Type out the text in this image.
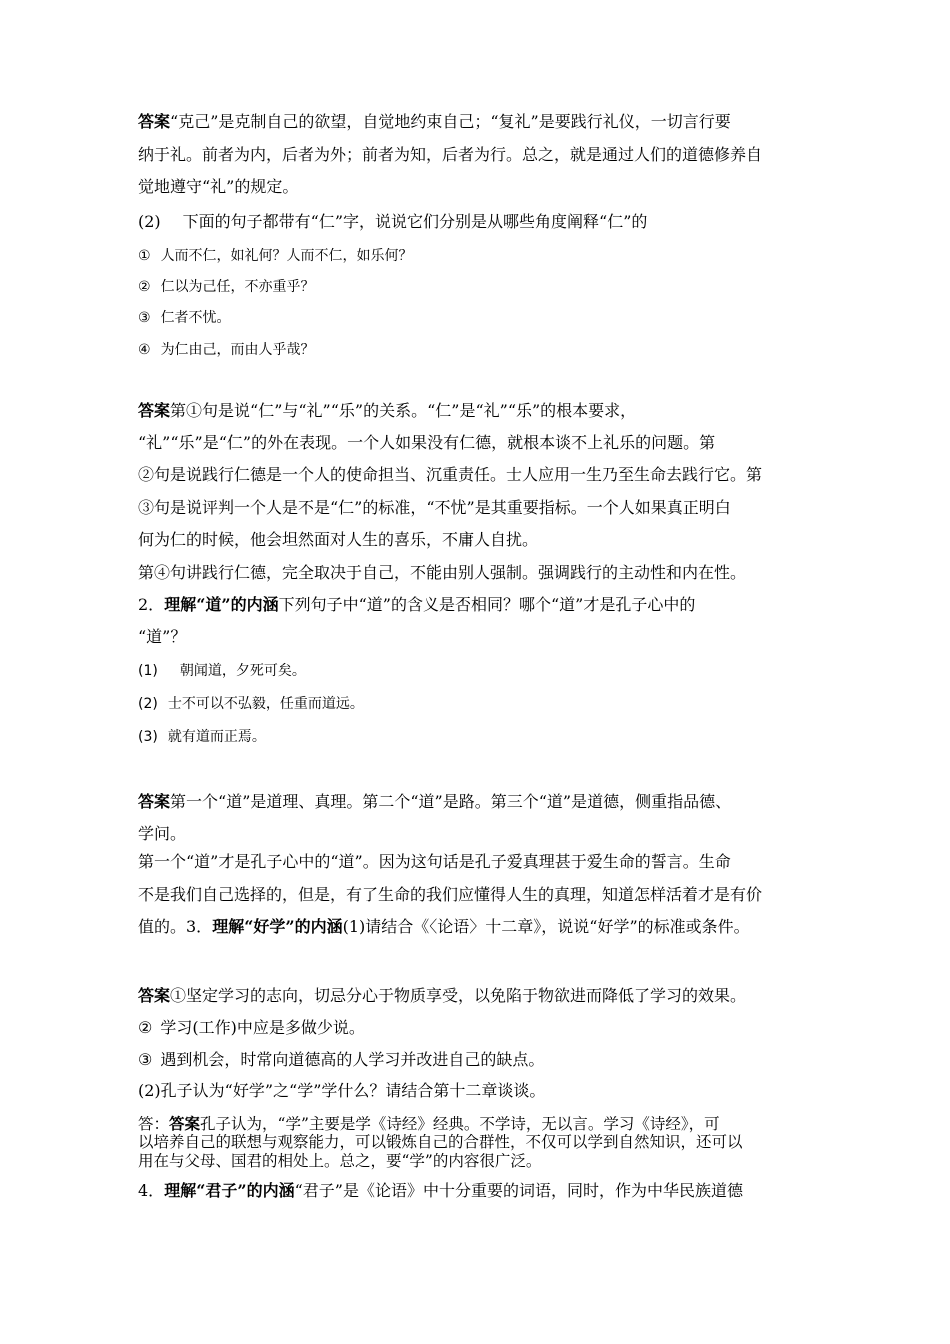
答案“克己”是克制自己的欲望，自觉地约束自己；“复礼”是要践行礼仪，一切言行要
纳于礼。前者为内，后者为外；前者为知，后者为行。总之，就是通过人们的道德修养自
觉地遵守“礼”的规定。
(2) 下面的句子都带有“仁”字，说说它们分别是从哪些角度阐释“仁”的
① 人而不仁，如礼何？人而不仁，如乐何？
② 仁以为己任，不亦重乎？
③ 仁者不忧。
④ 为仁由己，而由人乎哉？
答案第①句是说“仁”与“礼”“乐”的关系。“仁”是“礼”“乐”的根本要求，
“礼”“乐”是“仁”的外在表现。一个人如果没有仁德，就根本谈不上礼乐的问题。第
②句是说践行仁德是一个人的使命担当、沉重责任。士人应用一生乃至生命去践行它。第
③句是说评判一个人是不是“仁”的标准，“不忧”是其重要指标。一个人如果真正明白
何为仁的时候，他会坦然面对人生的喜乐，不庸人自扰。
第④句讲践行仁德，完全取决于自己，不能由别人强制。强调践行的主动性和内在性。
2．理解“道”的内涵下列句子中“道”的含义是否相同？哪个“道”才是孔子心中的
“道”？
(1) 朝闻道，夕死可矣。
(2) 士不可以不弘毅，任重而道远。
(3) 就有道而正焉。
答案第一个“道”是道理、真理。第二个“道”是路。第三个“道”是道德，侧重指品德、
学问。
第一个“道”才是孔子心中的“道”。因为这句话是孔子爱真理甚于爱生命的誓言。生命
不是我们自己选择的，但是，有了生命的我们应懂得人生的真理，知道怎样活着才是有价
值的。3．理解“好学”的内涵(1)请结合《〈论语〉十二章》，说说“好学”的标准或条件。
答案①坚定学习的志向，切忌分心于物质享受，以免陷于物欲进而降低了学习的效果。
② 学习(工作)中应是多做少说。
③ 遇到机会，时常向道德高的人学习并改进自己的缺点。
(2)孔子认为“好学”之“学”学什么？请结合第十二章谈谈。
答：答案孔子认为，“学”主要是学《诗经》经典。不学诗，无以言。学习《诗经》，可
以培养自己的联想与观察能力，可以锻炼自己的合群性，不仅可以学到自然知识，还可以
用在与父母、国君的相处上。总之，要“学”的内容很广泛。
4．理解“君子”的内涵“君子”是《论语》中十分重要的词语，同时，作为中华民族道德
